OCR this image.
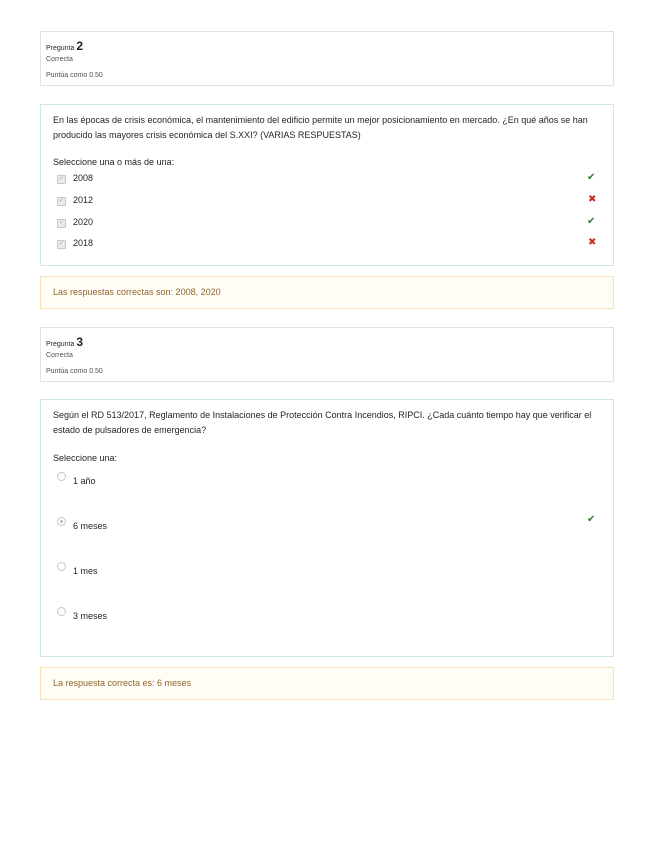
Pregunta 2
Correcta
Puntúa como 0.50
En las épocas de crisis económica, el mantenimiento del edificio permite un mejor posicionamiento en mercado. ¿En qué años se han producido las mayores crisis económica del S.XXI? (VARIAS RESPUESTAS)
Seleccione una o más de una:
✓ 2008	✔
✓ 2012	✖
✓ 2020	✔
✓ 2018	✖
Las respuestas correctas son: 2008, 2020
Pregunta 3
Correcta
Puntúa como 0.50
Según el RD 513/2017, Reglamento de Instalaciones de Protección Contra Incendios, RIPCI. ¿Cada cuánto tiempo hay que verificar el estado de pulsadores de emergencia?
Seleccione una:
1 año
6 meses
✔
1 mes
3 meses
La respuesta correcta es: 6 meses
